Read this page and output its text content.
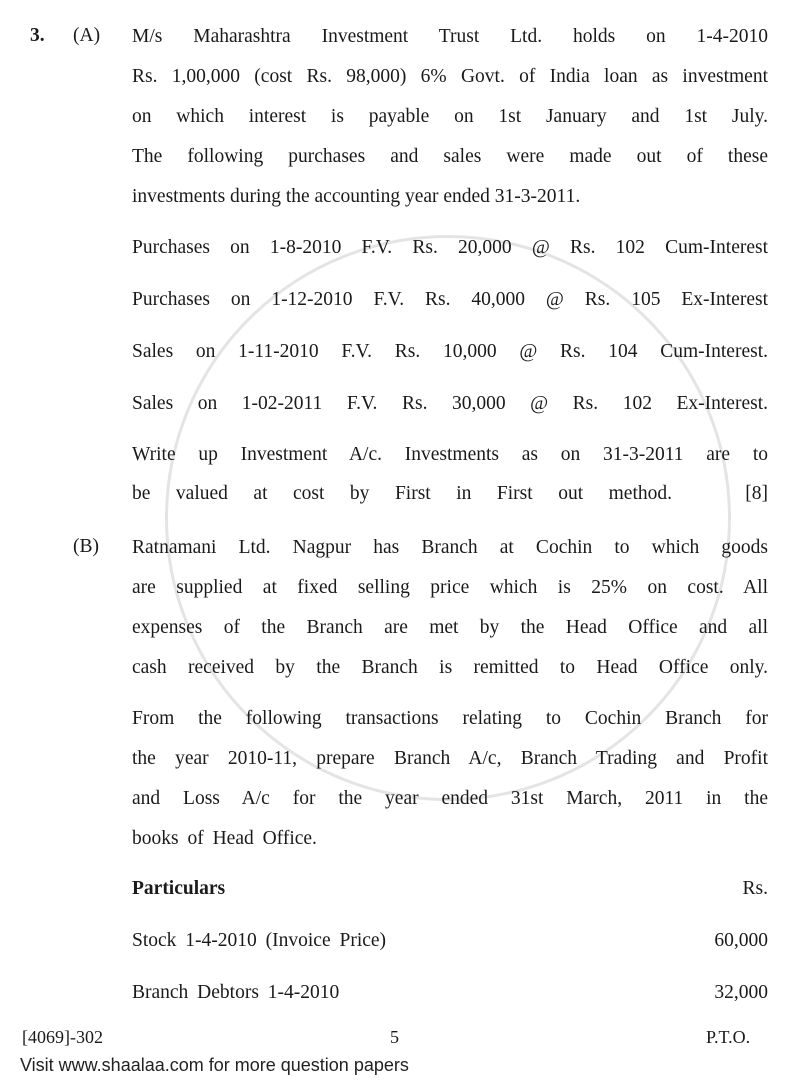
3. (A) M/s Maharashtra Investment Trust Ltd. holds on 1-4-2010
Rs. 1,00,000 (cost Rs. 98,000) 6% Govt. of India loan as investment
on which interest is payable on 1st January and 1st July.
The following purchases and sales were made out of these
investments during the accounting year ended 31-3-2011.
Purchases on 1-8-2010 F.V. Rs. 20,000 @ Rs. 102 Cum-Interest
Purchases on 1-12-2010 F.V. Rs. 40,000 @ Rs. 105 Ex-Interest
Sales on 1-11-2010 F.V. Rs. 10,000 @ Rs. 104 Cum-Interest.
Sales on 1-02-2011 F.V. Rs. 30,000 @ Rs. 102 Ex-Interest.
Write up Investment A/c. Investments as on 31-3-2011 are to
be valued at cost by First in First out method.	[8]
(B) Ratnamani Ltd. Nagpur has Branch at Cochin to which goods
are supplied at fixed selling price which is 25% on cost. All
expenses of the Branch are met by the Head Office and all
cash received by the Branch is remitted to Head Office only.
From the following transactions relating to Cochin Branch for
the year 2010-11, prepare Branch A/c, Branch Trading and Profit
and Loss A/c for the year ended 31st March, 2011 in the
books of Head Office.
Particulars	Rs.
Stock 1-4-2010 (Invoice Price)	60,000
Branch Debtors 1-4-2010	32,000
[4069]-302	5	P.T.O.
Visit www.shaalaa.com for more question papers
